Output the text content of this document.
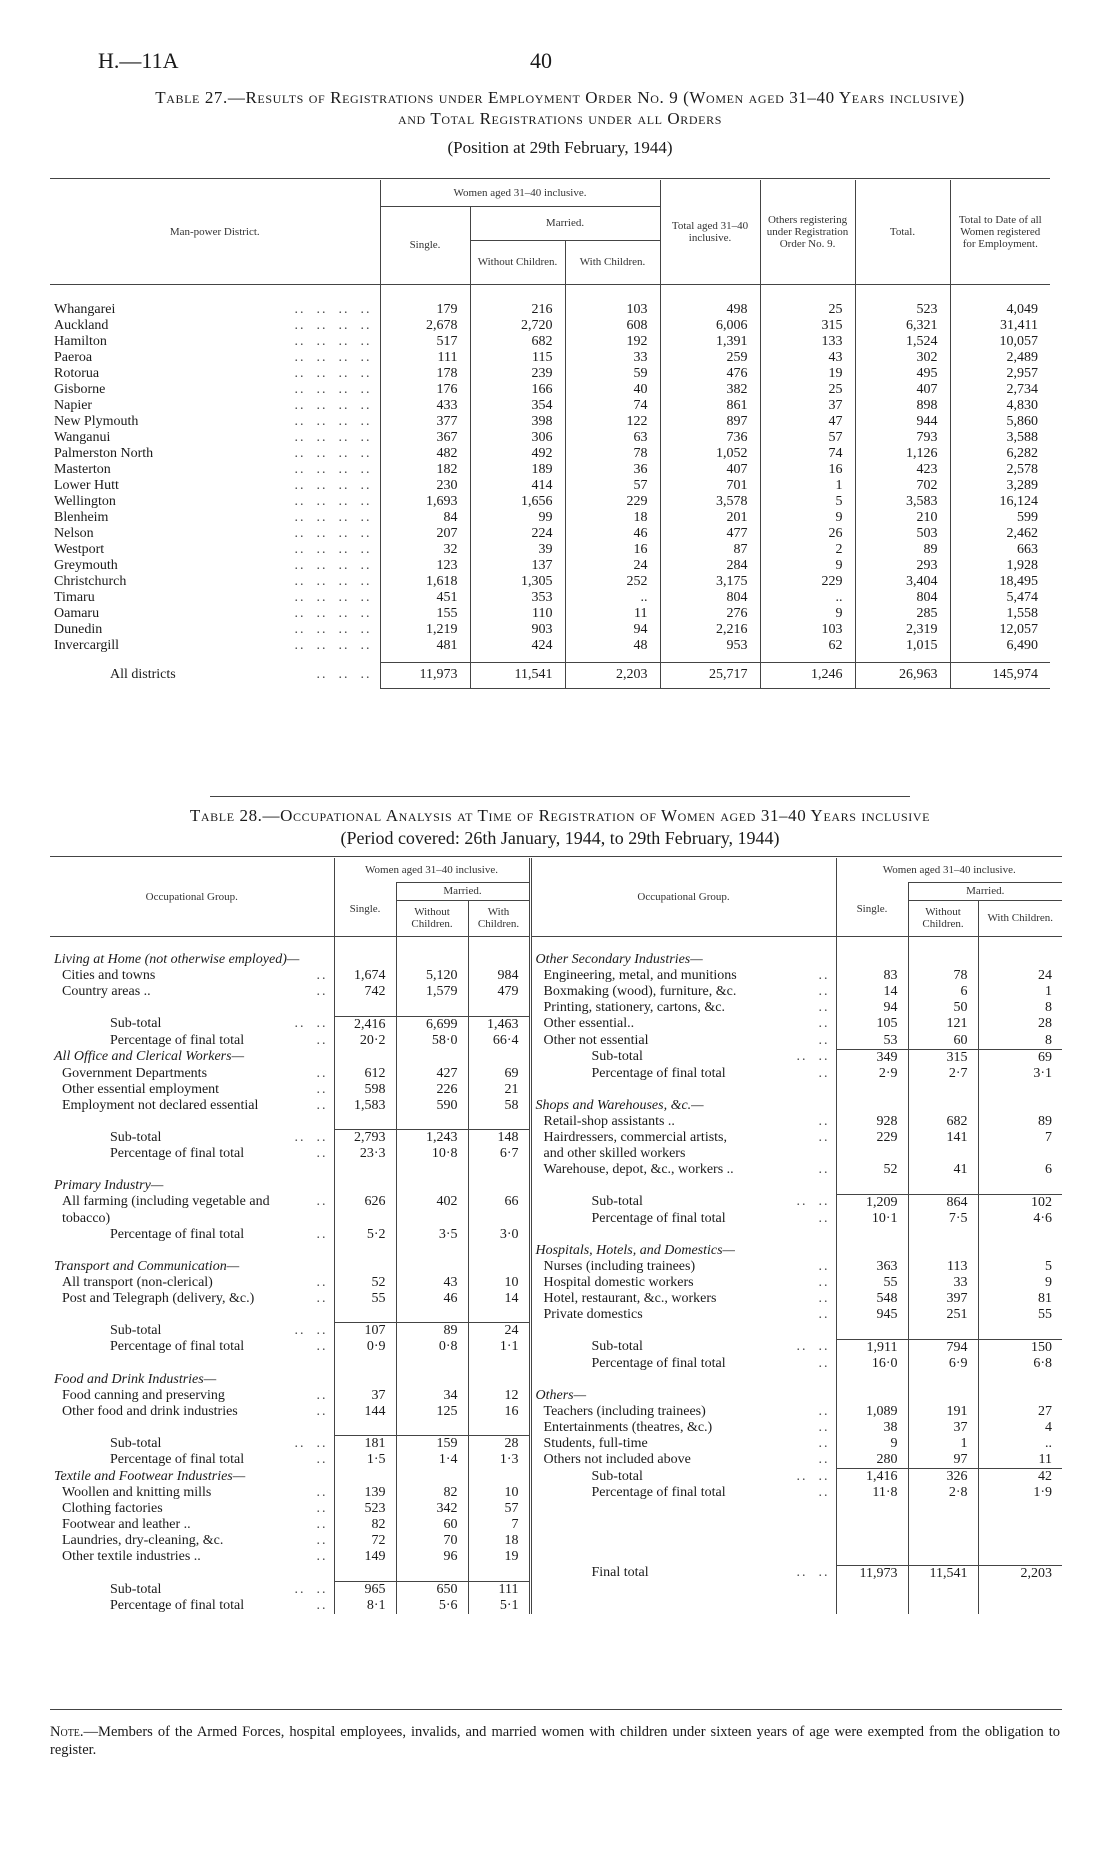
H.—11A	40
Table 27.—Results of Registrations under Employment Order No. 9 (Women aged 31–40 Years inclusive)
and Total Registrations under all Orders
(Position at 29th February, 1944)
Man-power District.	Women aged 31–40 inclusive.			Total aged 31–40 inclusive.	Others registering under Registration Order No. 9.	Total.	Total to Date of all Women registered for Employment.
	Single.	Married.					
		Without Children.	With Children.				

Whangarei ..  ..  ..  ..	179	216	103	498	25	523	4,049
Auckland ..  ..  ..  ..	2,678	2,720	608	6,006	315	6,321	31,411
Hamilton ..  ..  ..  ..	517	682	192	1,391	133	1,524	10,057
Paeroa ..  ..  ..  ..	111	115	33	259	43	302	2,489
Rotorua ..  ..  ..  ..	178	239	59	476	19	495	2,957
Gisborne ..  ..  ..  ..	176	166	40	382	25	407	2,734
Napier ..  ..  ..  ..	433	354	74	861	37	898	4,830
New Plymouth ..  ..  ..  ..	377	398	122	897	47	944	5,860
Wanganui ..  ..  ..  ..	367	306	63	736	57	793	3,588
Palmerston North ..  ..  ..  ..	482	492	78	1,052	74	1,126	6,282
Masterton ..  ..  ..  ..	182	189	36	407	16	423	2,578
Lower Hutt ..  ..  ..  ..	230	414	57	701	1	702	3,289
Wellington ..  ..  ..  ..	1,693	1,656	229	3,578	5	3,583	16,124
Blenheim ..  ..  ..  ..	84	99	18	201	9	210	599
Nelson ..  ..  ..  ..	207	224	46	477	26	503	2,462
Westport ..  ..  ..  ..	32	39	16	87	2	89	663
Greymouth ..  ..  ..  ..	123	137	24	284	9	293	1,928
Christchurch ..  ..  ..  ..	1,618	1,305	252	3,175	229	3,404	18,495
Timaru ..  ..  ..  ..	451	353	..	804	..	804	5,474
Oamaru ..  ..  ..  ..	155	110	11	276	9	285	1,558
Dunedin ..  ..  ..  ..	1,219	903	94	2,216	103	2,319	12,057
Invercargill ..  ..  ..  ..	481	424	48	953	62	1,015	6,490

All districts ..  ..  ..	11,973	11,541	2,203	25,717	1,246	26,963	145,974
Table 28.—Occupational Analysis at Time of Registration of Women aged 31–40 Years inclusive
(Period covered: 26th January, 1944, to 29th February, 1944)
Occupational Group.	Women aged 31–40 inclusive.			Occupational Group.	Women aged 31–40 inclusive.		
	Single.	Married.			Single.	Married.	
		Without Children.	With Children.			Without Children.	With Children.

Living at Home (not otherwise employed)—				Other Secondary Industries—			
Cities and towns ..	1,674	5,120	984	Engineering, metal, and munitions ..	83	78	24
Country areas .. ..	742	1,579	479	Boxmaking (wood), furniture, &c. ..	14	6	1
				Printing, stationery, cartons, &c. ..	94	50	8
Sub-total ..  ..	2,416	6,699	1,463	Other essential.. ..	105	121	28
Percentage of final total ..	20·2	58·0	66·4	Other not essential ..	53	60	8

All Office and Clerical Workers—				Sub-total ..  ..	349	315	69
Government Departments ..	612	427	69	Percentage of final total ..	2·9	2·7	3·1
Other essential employment ..	598	226	21				
Employment not declared essential ..	1,583	590	58	Shops and Warehouses, &c.—			
				Retail-shop assistants .. ..	928	682	89
Sub-total ..  ..	2,793	1,243	148	Hairdressers, commercial artists, ..	229	141	7
Percentage of final total ..	23·3	10·8	6·7	and other skilled workers			
				Warehouse, depot, &c., workers .. ..	52	41	6
Primary Industry—							
All farming (including vegetable and ..	626	402	66	Sub-total ..  ..	1,209	864	102
tobacco)				Percentage of final total ..	10·1	7·5	4·6
Percentage of final total ..	5·2	3·5	3·0				
				Hospitals, Hotels, and Domestics—			
Transport and Communication—				Nurses (including trainees) ..	363	113	5
All transport (non-clerical) ..	52	43	10	Hospital domestic workers ..	55	33	9
Post and Telegraph (delivery, &c.) ..	55	46	14	Hotel, restaurant, &c., workers ..	548	397	81
				Private domestics ..	945	251	55
Sub-total ..  ..	107	89	24				
Percentage of final total ..	0·9	0·8	1·1	Sub-total ..  ..	1,911	794	150
				Percentage of final total ..	16·0	6·9	6·8
Food and Drink Industries—							
Food canning and preserving ..	37	34	12	Others—			
Other food and drink industries ..	144	125	16	Teachers (including trainees) ..	1,089	191	27
				Entertainments (theatres, &c.) ..	38	37	4
Sub-total ..  ..	181	159	28	Students, full-time ..	9	1	..
Percentage of final total ..	1·5	1·4	1·3	Others not included above ..	280	97	11

Textile and Footwear Industries—				Sub-total ..  ..	1,416	326	42
Woollen and knitting mills ..	139	82	10	Percentage of final total ..	11·8	2·8	1·9
Clothing factories ..	523	342	57				
Footwear and leather .. ..	82	60	7				
Laundries, dry-cleaning, &c. ..	72	70	18				
Other textile industries .. ..	149	96	19				
				Final total ..  ..	11,973	11,541	2,203
Sub-total ..  ..	965	650	111				
Percentage of final total ..	8·1	5·6	5·1				
Note.—Members of the Armed Forces, hospital employees, invalids, and married women with children under sixteen years of age were exempted from the obligation to register.
